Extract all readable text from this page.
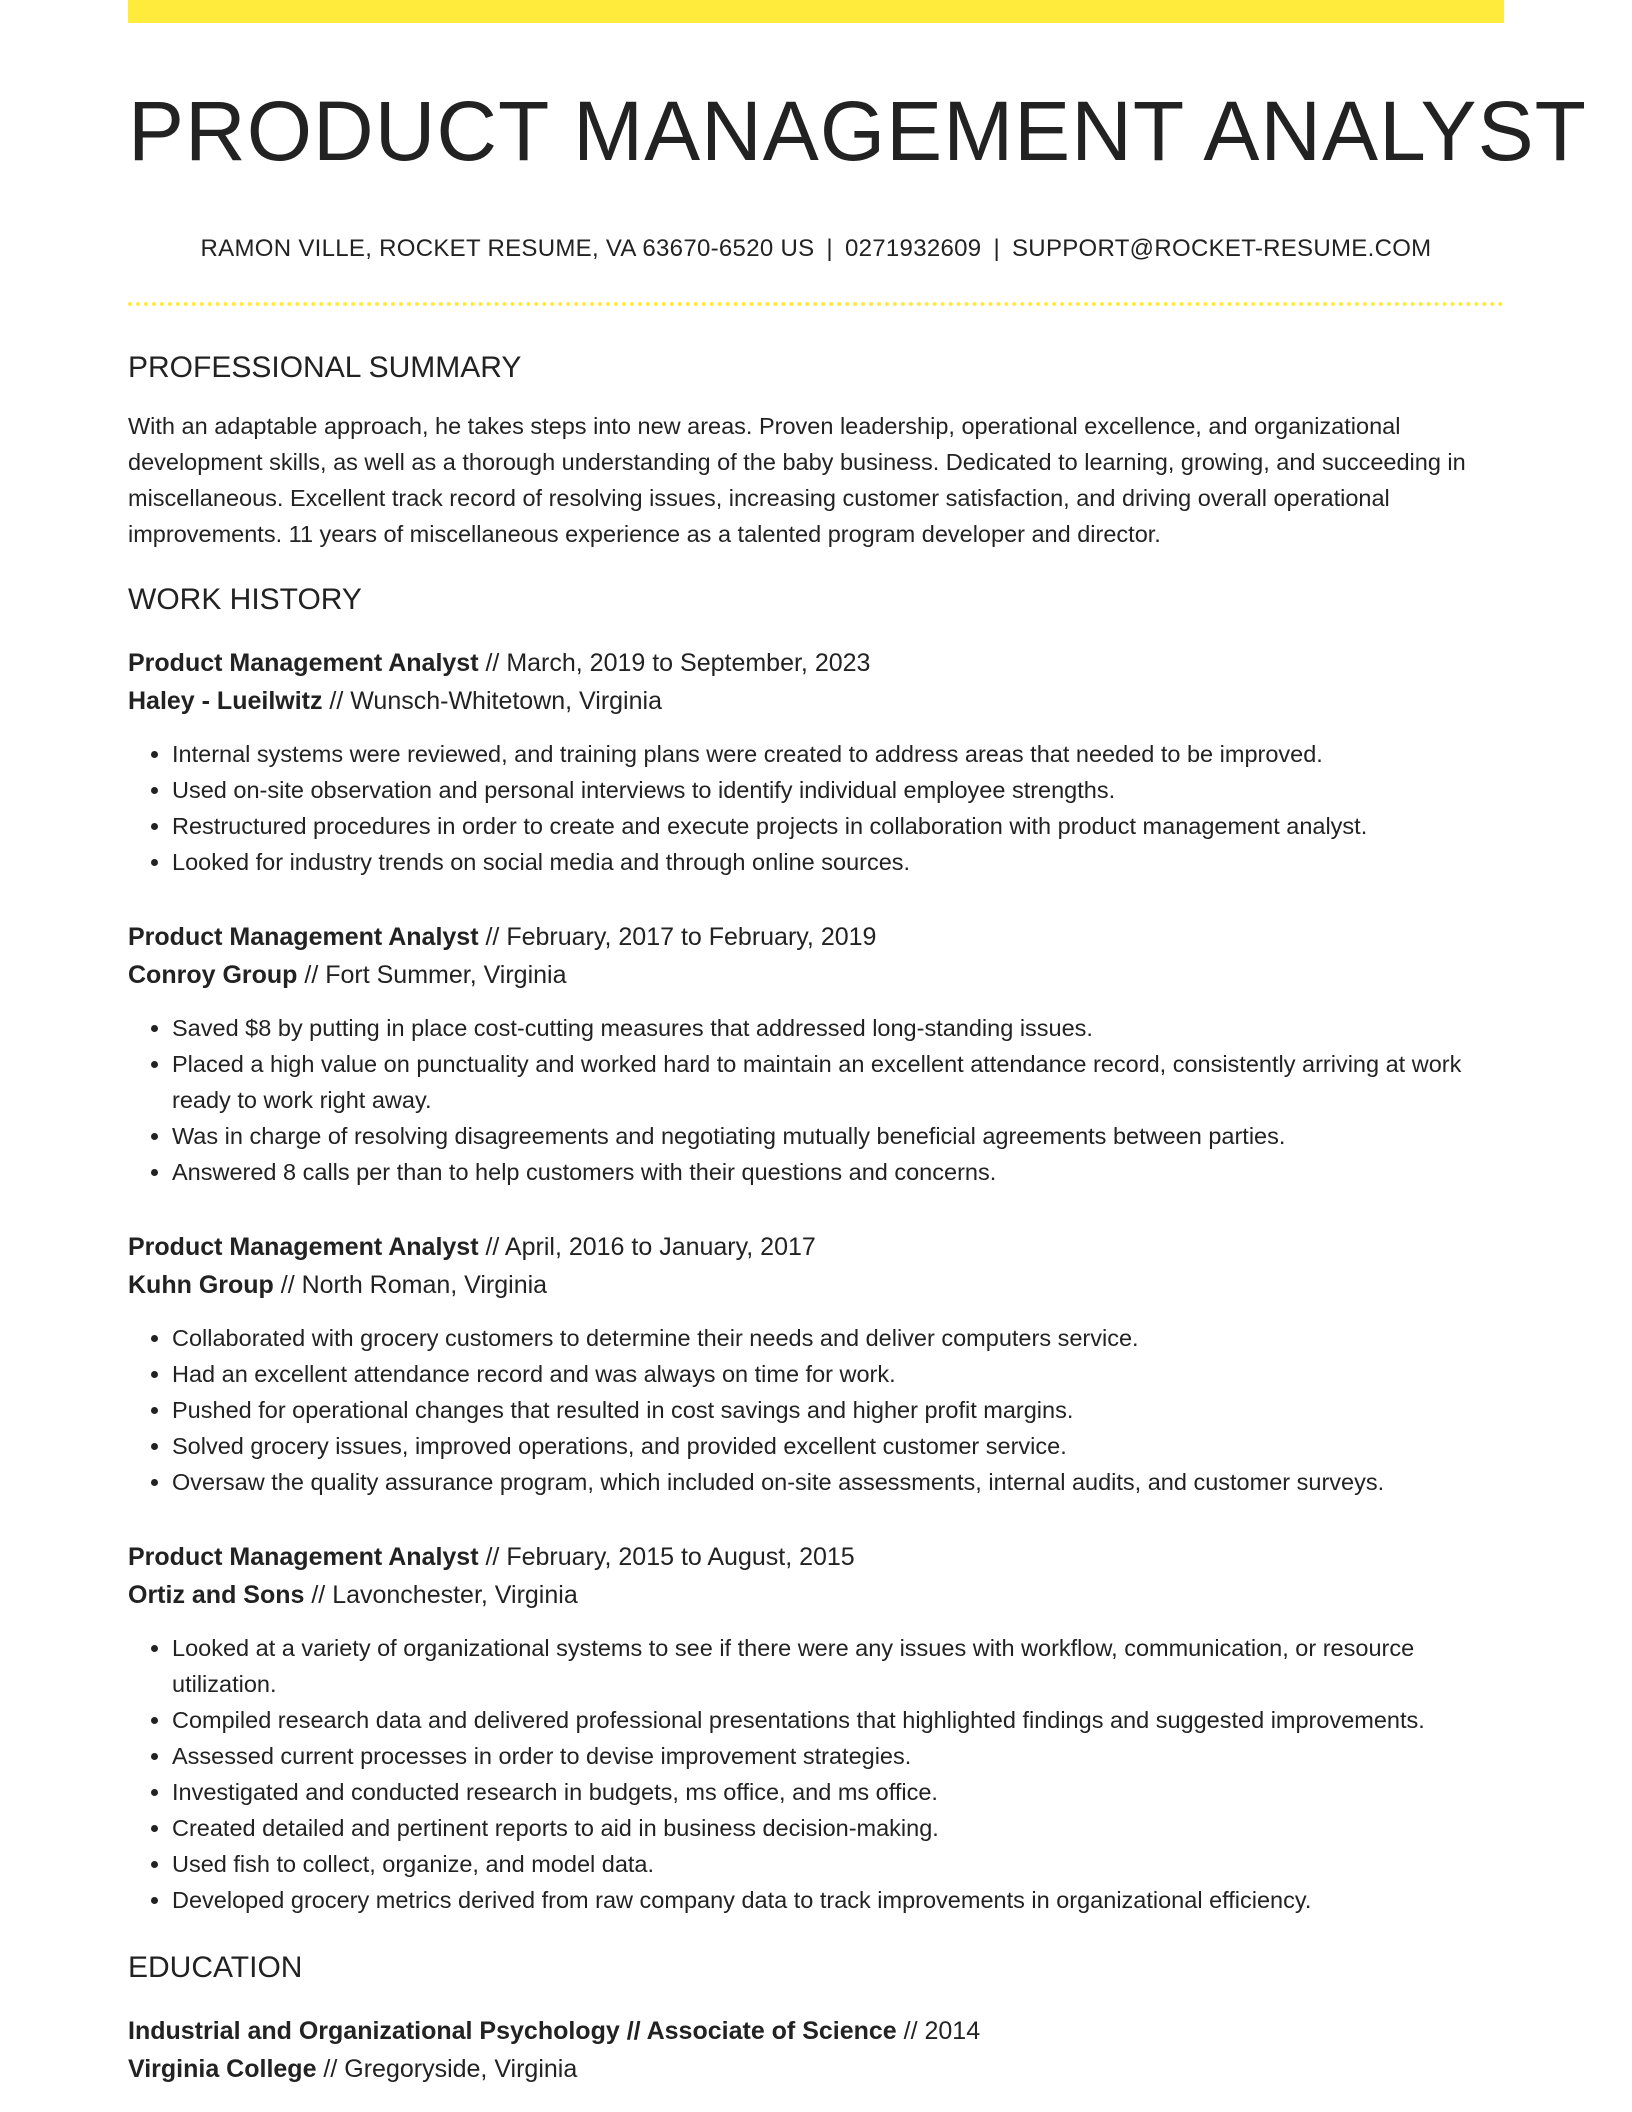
PRODUCT MANAGEMENT ANALYST
RAMON VILLE, ROCKET RESUME, VA 63670-6520 US | 0271932609 | SUPPORT@ROCKET-RESUME.COM
PROFESSIONAL SUMMARY
With an adaptable approach, he takes steps into new areas. Proven leadership, operational excellence, and organizational development skills, as well as a thorough understanding of the baby business. Dedicated to learning, growing, and succeeding in miscellaneous. Excellent track record of resolving issues, increasing customer satisfaction, and driving overall operational improvements. 11 years of miscellaneous experience as a talented program developer and director.
WORK HISTORY
Product Management Analyst // March, 2019 to September, 2023
Haley - Lueilwitz // Wunsch-Whitetown, Virginia
• Internal systems were reviewed, and training plans were created to address areas that needed to be improved.
• Used on-site observation and personal interviews to identify individual employee strengths.
• Restructured procedures in order to create and execute projects in collaboration with product management analyst.
• Looked for industry trends on social media and through online sources.
Product Management Analyst // February, 2017 to February, 2019
Conroy Group // Fort Summer, Virginia
• Saved $8 by putting in place cost-cutting measures that addressed long-standing issues.
• Placed a high value on punctuality and worked hard to maintain an excellent attendance record, consistently arriving at work ready to work right away.
• Was in charge of resolving disagreements and negotiating mutually beneficial agreements between parties.
• Answered 8 calls per than to help customers with their questions and concerns.
Product Management Analyst // April, 2016 to January, 2017
Kuhn Group // North Roman, Virginia
• Collaborated with grocery customers to determine their needs and deliver computers service.
• Had an excellent attendance record and was always on time for work.
• Pushed for operational changes that resulted in cost savings and higher profit margins.
• Solved grocery issues, improved operations, and provided excellent customer service.
• Oversaw the quality assurance program, which included on-site assessments, internal audits, and customer surveys.
Product Management Analyst // February, 2015 to August, 2015
Ortiz and Sons // Lavonchester, Virginia
• Looked at a variety of organizational systems to see if there were any issues with workflow, communication, or resource utilization.
• Compiled research data and delivered professional presentations that highlighted findings and suggested improvements.
• Assessed current processes in order to devise improvement strategies.
• Investigated and conducted research in budgets, ms office, and ms office.
• Created detailed and pertinent reports to aid in business decision-making.
• Used fish to collect, organize, and model data.
• Developed grocery metrics derived from raw company data to track improvements in organizational efficiency.
EDUCATION
Industrial and Organizational Psychology // Associate of Science // 2014
Virginia College // Gregoryside, Virginia
